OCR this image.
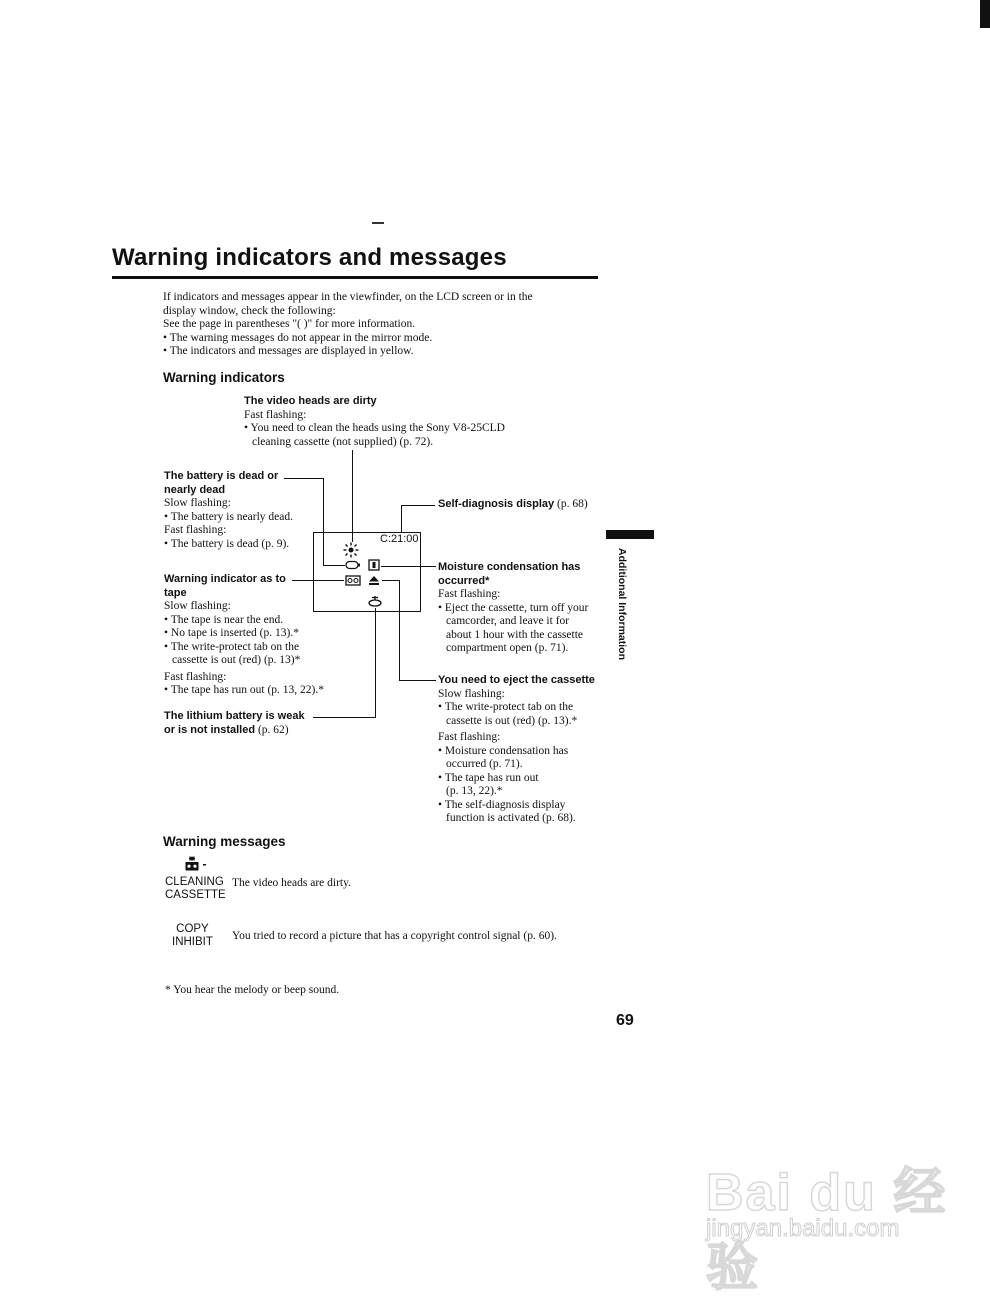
Warning indicators and messages
If indicators and messages appear in the viewfinder, on the LCD screen or in the
display window, check the following:
See the page in parentheses "( )" for more information.
• The warning messages do not appear in the mirror mode.
• The indicators and messages are displayed in yellow.
Warning indicators
The video heads are dirty
Fast flashing:
• You need to clean the heads using the Sony V8-25CLD
cleaning cassette (not supplied) (p. 72).
The battery is dead or
nearly dead
Slow flashing:
• The battery is nearly dead.
Fast flashing:
• The battery is dead (p. 9).
Warning indicator as to
tape
Slow flashing:
• The tape is near the end.
• No tape is inserted (p. 13).*
• The write-protect tab on the
cassette is out (red) (p. 13)*
Fast flashing:
• The tape has run out (p. 13, 22).*
The lithium battery is weak
or is not installed (p. 62)
Self-diagnosis display (p. 68)
Moisture condensation has
occurred*
Fast flashing:
• Eject the cassette, turn off your
camcorder, and leave it for
about 1 hour with the cassette
compartment open (p. 71).
You need to eject the cassette
Slow flashing:
• The write-protect tab on the
cassette is out (red) (p. 13).*
Fast flashing:
• Moisture condensation has
occurred (p. 71).
• The tape has run out
(p. 13, 22).*
• The self-diagnosis display
function is activated (p. 68).
C:21:00
Additional Information
Warning messages
CLEANING
CASSETTE
The video heads are dirty.
COPY
INHIBIT You tried to record a picture that has a copyright control signal (p. 60).
* You hear the melody or beep sound.
69
Bai du 经验
jingyan.baidu.com
